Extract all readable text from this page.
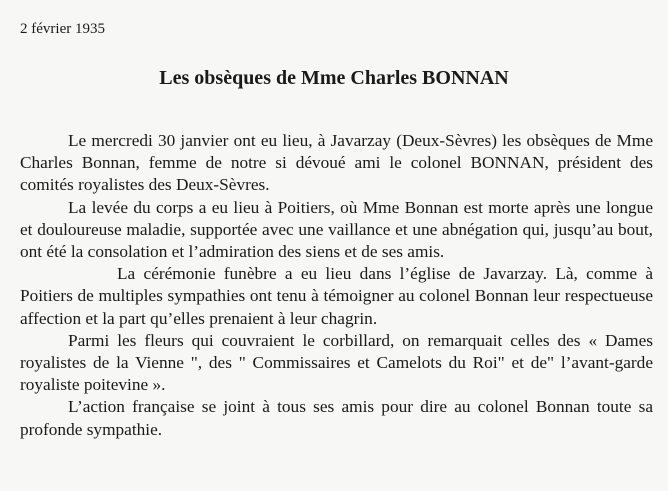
2 février 1935
Les obsèques de Mme Charles BONNAN

Le mercredi 30 janvier ont eu lieu, à Javarzay (Deux-Sèvres) les obsèques de Mme Charles Bonnan, femme de notre si dévoué ami le colonel BONNAN, président des comités royalistes des Deux-Sèvres.

La levée du corps a eu lieu à Poitiers, où Mme Bonnan est morte après une longue et douloureuse maladie, supportée avec une vaillance et une abnégation qui, jusqu’au bout, ont été la consolation et l’admiration des siens et de ses amis.

La cérémonie funèbre a eu lieu dans l’église de Javarzay. Là, comme à Poitiers de multiples sympathies ont tenu à témoigner au colonel Bonnan leur respectueuse affection et la part qu’elles prenaient à leur chagrin.

Parmi les fleurs qui couvraient le corbillard, on remarquait celles des « Dames royalistes de la Vienne ", des " Commissaires et Camelots du Roi" et de" l’avant-garde royaliste poitevine ».

L’action française se joint à tous ses amis pour dire au colonel Bonnan toute sa profonde sympathie.
